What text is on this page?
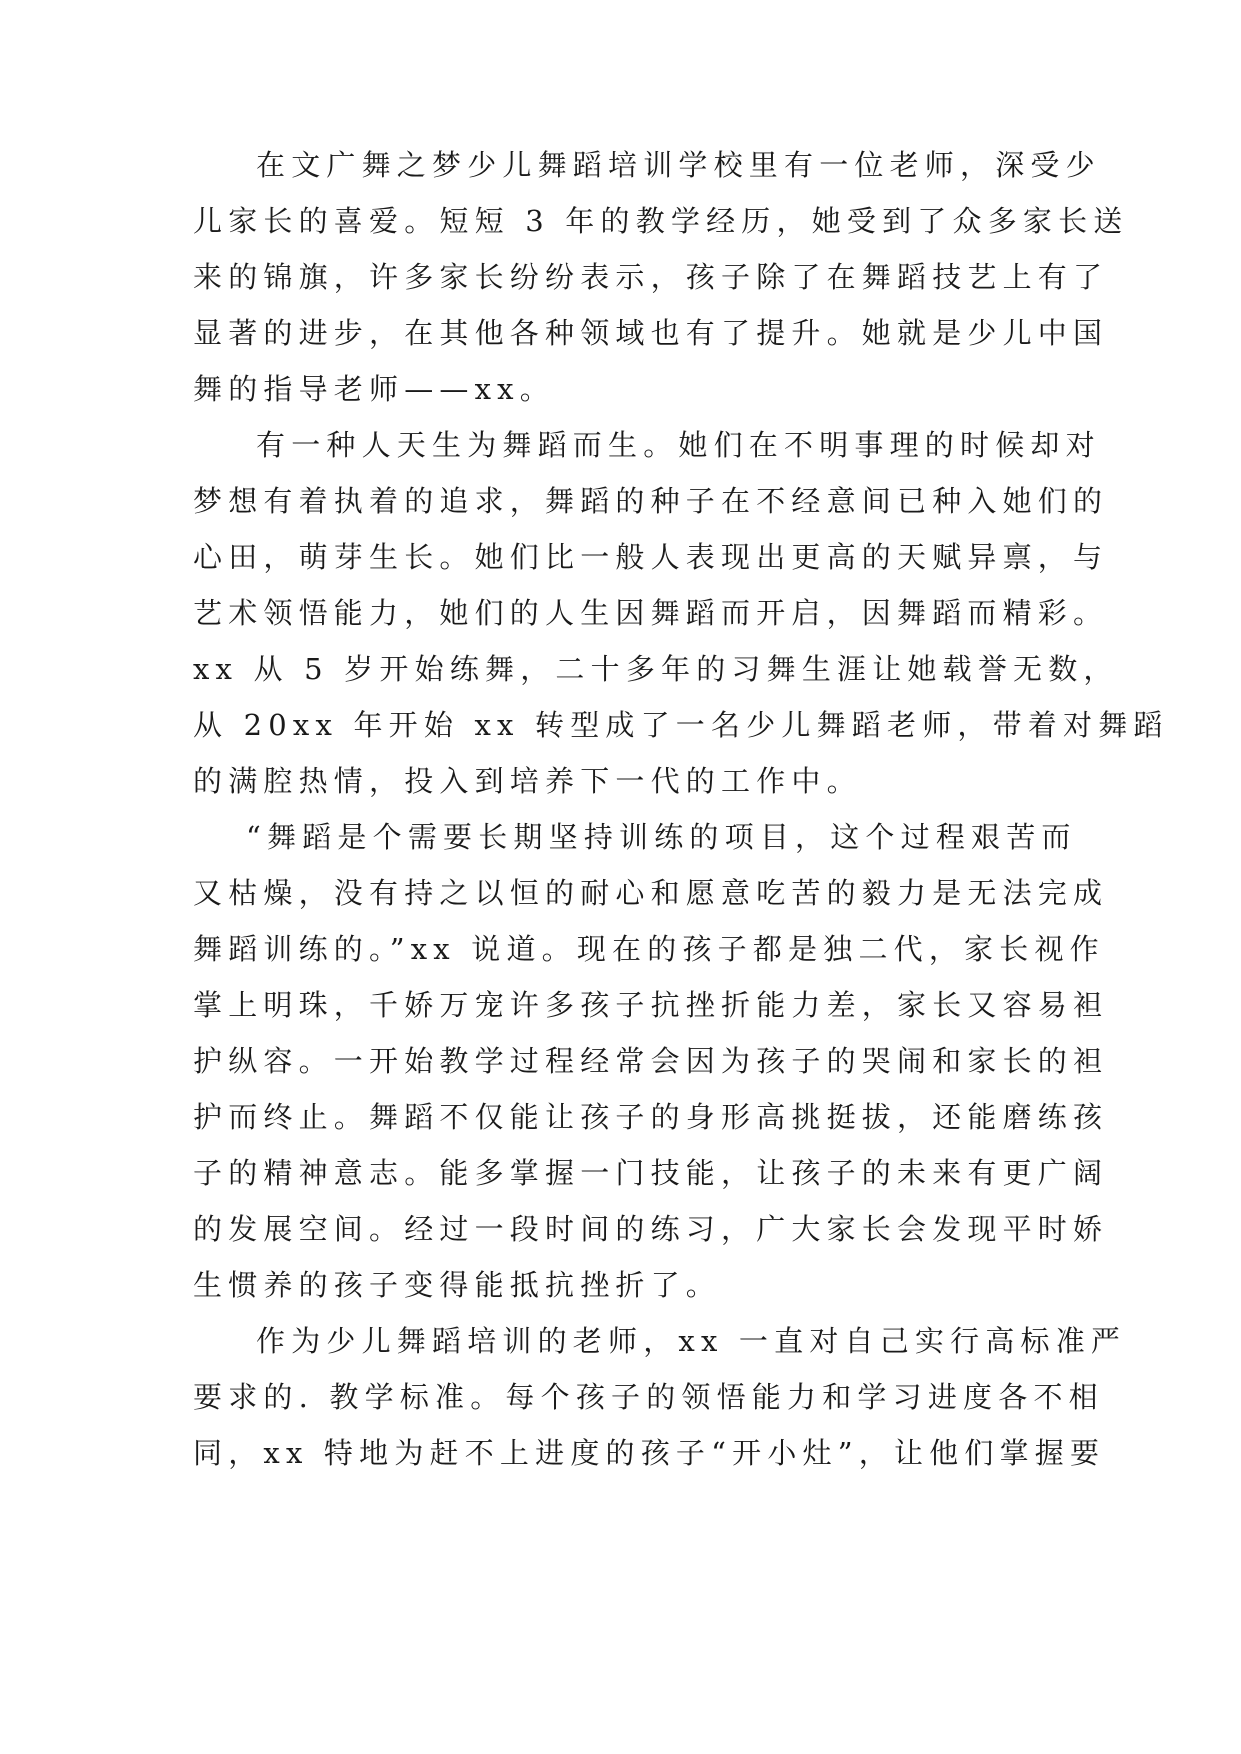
在文广舞之梦少儿舞蹈培训学校里有一位老师，深受少
儿家长的喜爱。短短 3 年的教学经历，她受到了众多家长送
来的锦旗，许多家长纷纷表示，孩子除了在舞蹈技艺上有了
显著的进步，在其他各种领域也有了提升。她就是少儿中国
舞的指导老师——xx。
有一种人天生为舞蹈而生。她们在不明事理的时候却对
梦想有着执着的追求，舞蹈的种子在不经意间已种入她们的
心田，萌芽生长。她们比一般人表现出更高的天赋异禀，与
艺术领悟能力，她们的人生因舞蹈而开启，因舞蹈而精彩。
xx 从 5 岁开始练舞，二十多年的习舞生涯让她载誉无数，
从 20xx 年开始 xx 转型成了一名少儿舞蹈老师，带着对舞蹈
的满腔热情，投入到培养下一代的工作中。
“舞蹈是个需要长期坚持训练的项目，这个过程艰苦而
又枯燥，没有持之以恒的耐心和愿意吃苦的毅力是无法完成
舞蹈训练的。”xx 说道。现在的孩子都是独二代，家长视作
掌上明珠，千娇万宠许多孩子抗挫折能力差，家长又容易袒
护纵容。一开始教学过程经常会因为孩子的哭闹和家长的袒
护而终止。舞蹈不仅能让孩子的身形高挑挺拔，还能磨练孩
子的精神意志。能多掌握一门技能，让孩子的未来有更广阔
的发展空间。经过一段时间的练习，广大家长会发现平时娇
生惯养的孩子变得能抵抗挫折了。
作为少儿舞蹈培训的老师，xx 一直对自己实行高标准严
要求的. 教学标准。每个孩子的领悟能力和学习进度各不相
同，xx 特地为赶不上进度的孩子“开小灶”，让他们掌握要
